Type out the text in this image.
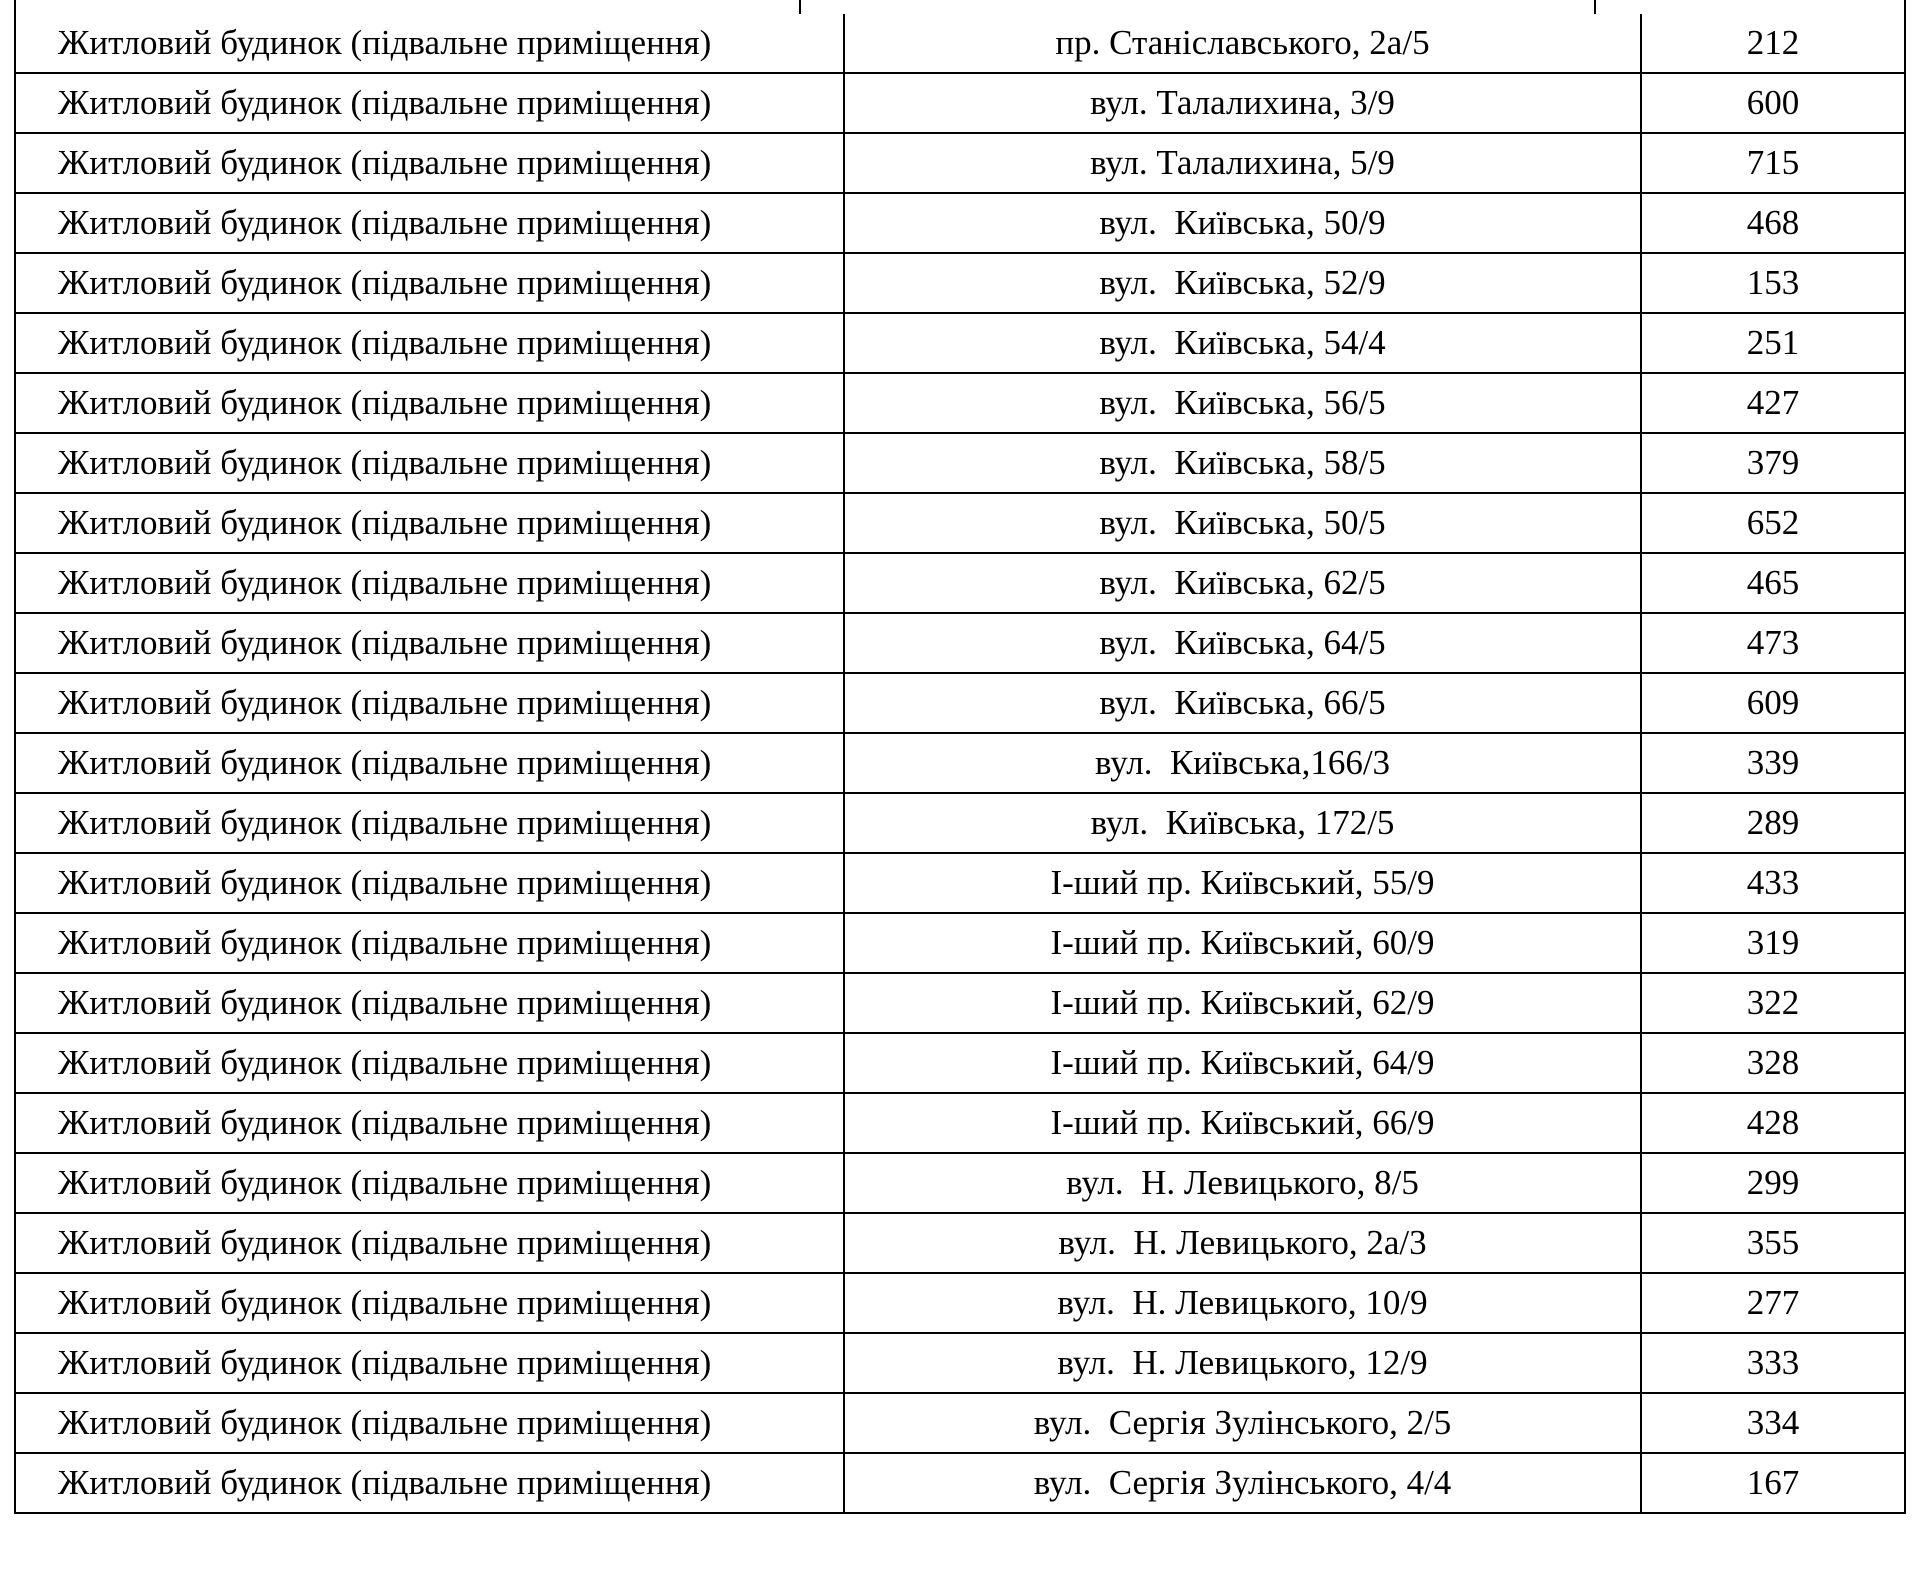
Житловий будинок (підвальне приміщення)	пр. Станіславського, 2а/5	212
Житловий будинок (підвальне приміщення)	вул. Талалихина, 3/9	600
Житловий будинок (підвальне приміщення)	вул. Талалихина, 5/9	715
Житловий будинок (підвальне приміщення)	вул.  Київська, 50/9	468
Житловий будинок (підвальне приміщення)	вул.  Київська, 52/9	153
Житловий будинок (підвальне приміщення)	вул.  Київська, 54/4	251
Житловий будинок (підвальне приміщення)	вул.  Київська, 56/5	427
Житловий будинок (підвальне приміщення)	вул.  Київська, 58/5	379
Житловий будинок (підвальне приміщення)	вул.  Київська, 50/5	652
Житловий будинок (підвальне приміщення)	вул.  Київська, 62/5	465
Житловий будинок (підвальне приміщення)	вул.  Київська, 64/5	473
Житловий будинок (підвальне приміщення)	вул.  Київська, 66/5	609
Житловий будинок (підвальне приміщення)	вул.  Київська,166/3	339
Житловий будинок (підвальне приміщення)	вул.  Київська, 172/5	289
Житловий будинок (підвальне приміщення)	І-ший пр. Київський, 55/9	433
Житловий будинок (підвальне приміщення)	І-ший пр. Київський, 60/9	319
Житловий будинок (підвальне приміщення)	І-ший пр. Київський, 62/9	322
Житловий будинок (підвальне приміщення)	І-ший пр. Київський, 64/9	328
Житловий будинок (підвальне приміщення)	І-ший пр. Київський, 66/9	428
Житловий будинок (підвальне приміщення)	вул.  Н. Левицького, 8/5	299
Житловий будинок (підвальне приміщення)	вул.  Н. Левицького, 2а/3	355
Житловий будинок (підвальне приміщення)	вул.  Н. Левицького, 10/9	277
Житловий будинок (підвальне приміщення)	вул.  Н. Левицького, 12/9	333
Житловий будинок (підвальне приміщення)	вул.  Сергія Зулінського, 2/5	334
Житловий будинок (підвальне приміщення)	вул.  Сергія Зулінського, 4/4	167
